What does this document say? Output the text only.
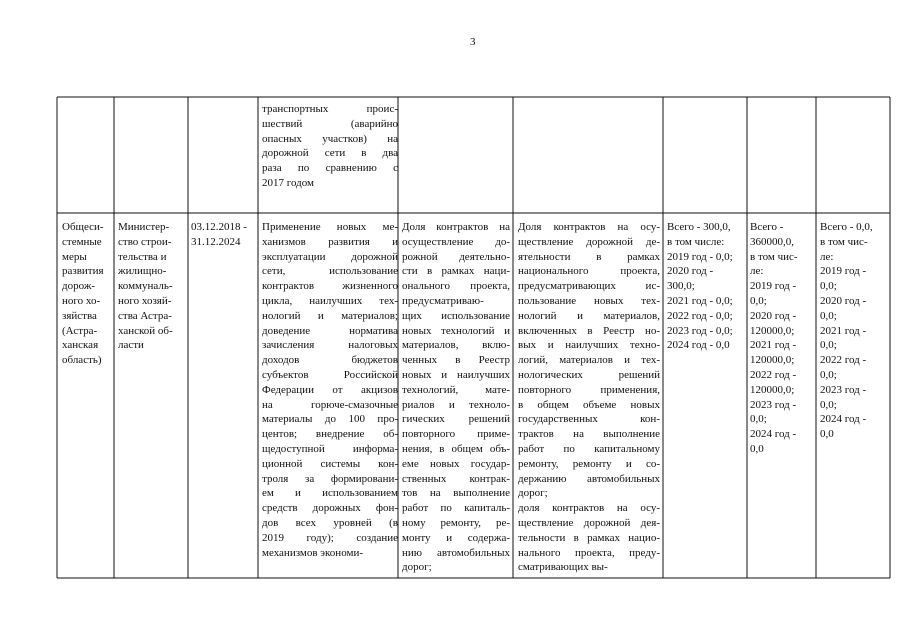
3
транспортных проис-
шествий (аварийно
опасных участков) на
дорожной сети в два
раза по сравнению с
2017 годом
Общеси-
стемные
меры
развития
дорож-
ного хо-
зяйства
(Астра-
ханская
область)
Министер-
ство строи-
тельства и
жилищно-
коммуналь-
ного хозяй-
ства Астра-
ханской об-
ласти
03.12.2018 -
31.12.2024
Применение новых ме-
ханизмов развития и
эксплуатации дорожной
сети, использование
контрактов жизненного
цикла, наилучших тех-
нологий и материалов;
доведение норматива
зачисления налоговых
доходов бюджетов
субъектов Российской
Федерации от акцизов
на горюче-смазочные
материалы до 100 про-
центов; внедрение об-
щедоступной информа-
ционной системы кон-
троля за формировани-
ем и использованием
средств дорожных фон-
дов всех уровней (в
2019 году); создание
механизмов экономи-
Доля контрактов на
осуществление до-
рожной деятельно-
сти в рамках наци-
онального проекта,
предусматриваю-
щих использование
новых технологий и
материалов, вклю-
ченных в Реестр
новых и наилучших
технологий, мате-
риалов и техноло-
гических решений
повторного приме-
нения, в общем объ-
еме новых государ-
ственных контрак-
тов на выполнение
работ по капиталь-
ному ремонту, ре-
монту и содержа-
нию автомобильных
дорог;
Доля контрактов на осу-
ществление дорожной де-
ятельности в рамках
национального проекта,
предусматривающих ис-
пользование новых тех-
нологий и материалов,
включенных в Реестр но-
вых и наилучших техно-
логий, материалов и тех-
нологических решений
повторного применения,
в общем объеме новых
государственных кон-
трактов на выполнение
работ по капитальному
ремонту, ремонту и со-
держанию автомобильных
дорог;
доля контрактов на осу-
ществление дорожной дея-
тельности в рамках нацио-
нального проекта, преду-
сматривающих вы-
Всего - 300,0,
в том числе:
2019 год - 0,0;
2020 год -
300,0;
2021 год - 0,0;
2022 год - 0,0;
2023 год - 0,0;
2024 год - 0,0
Всего -
360000,0,
в том чис-
ле:
2019 год -
0,0;
2020 год -
120000,0;
2021 год -
120000,0;
2022 год -
120000,0;
2023 год -
0,0;
2024 год -
0,0
Всего - 0,0,
в том чис-
ле:
2019 год -
0,0;
2020 год -
0,0;
2021 год -
0,0;
2022 год -
0,0;
2023 год -
0,0;
2024 год -
0,0
